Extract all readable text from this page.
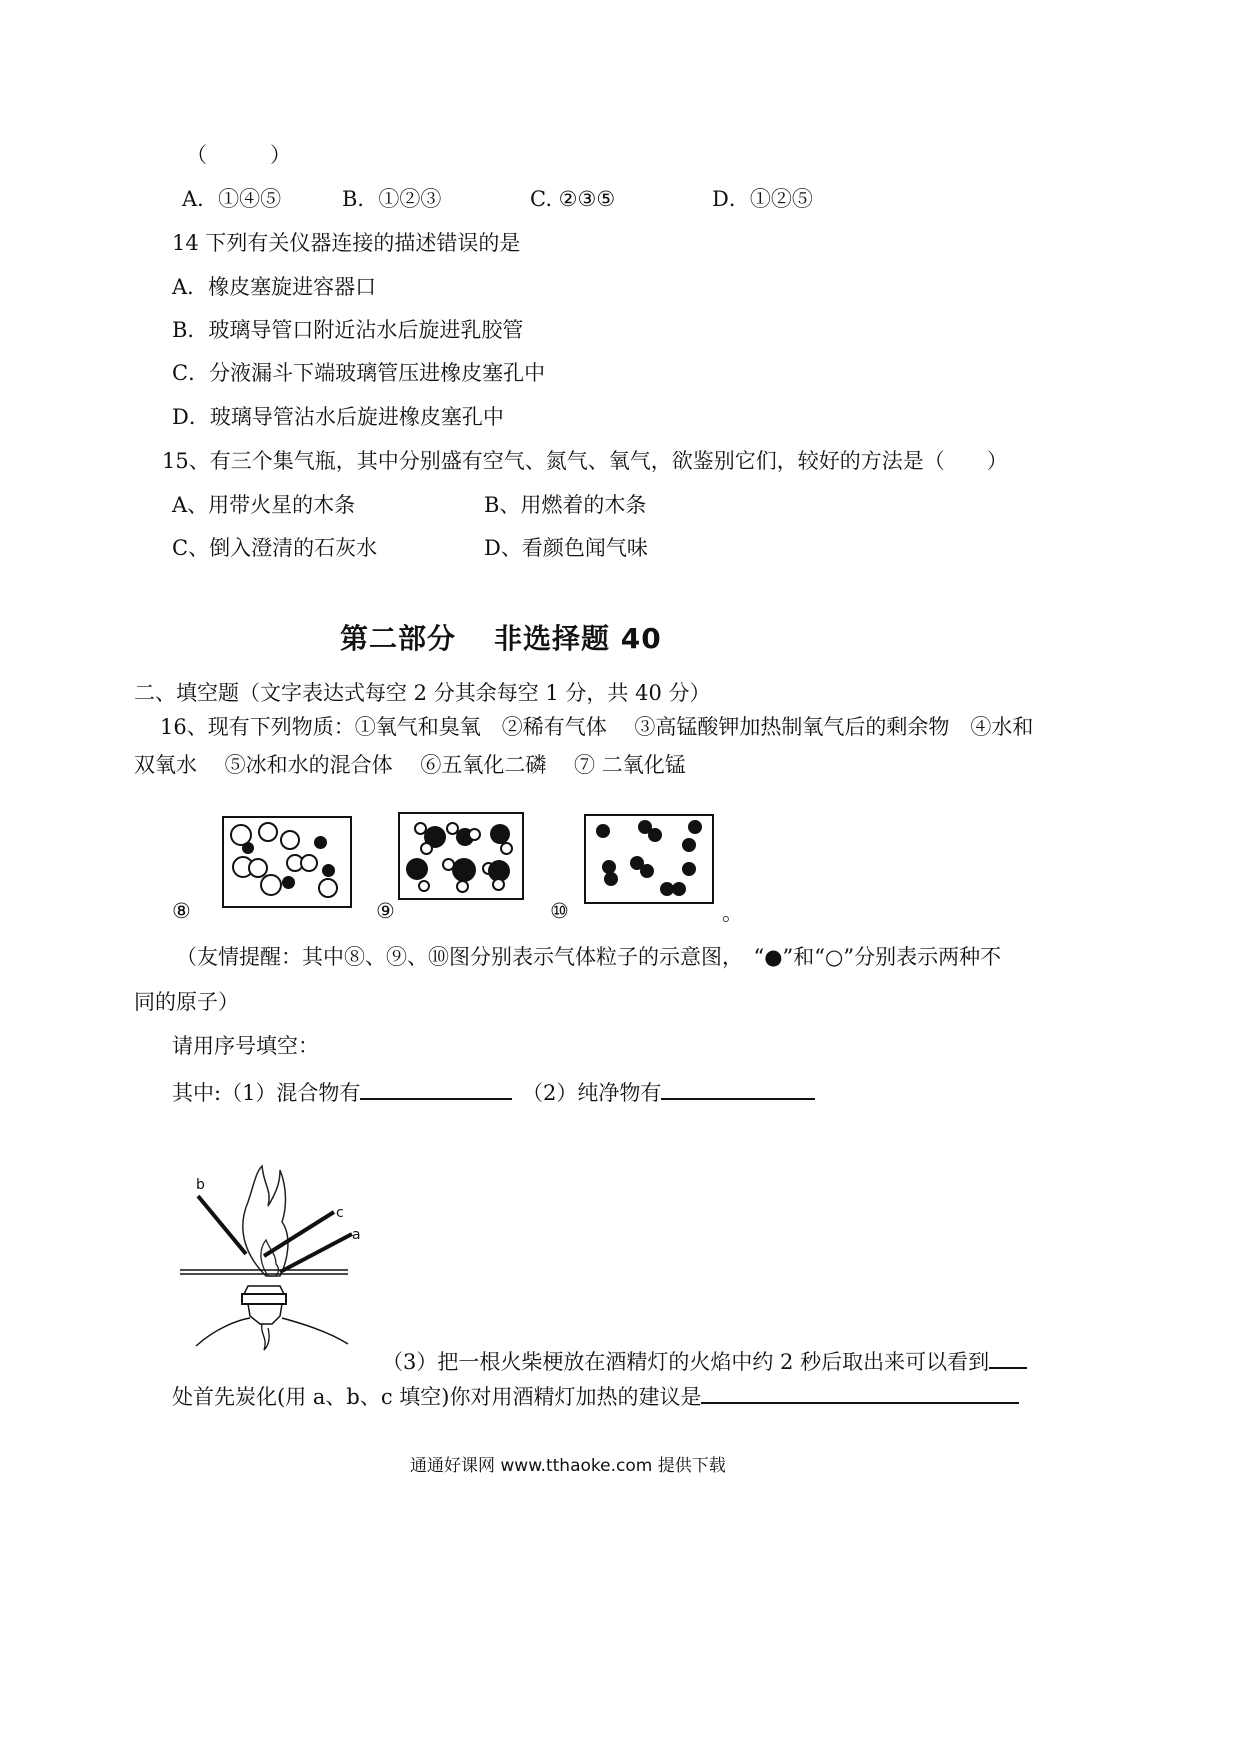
（　　　）
A．①④⑤	B．①②③	C. ②③⑤	D．①②⑤
14 下列有关仪器连接的描述错误的是
A．橡皮塞旋进容器口
B．玻璃导管口附近沾水后旋进乳胶管
C．分液漏斗下端玻璃管压进橡皮塞孔中
D．玻璃导管沾水后旋进橡皮塞孔中
15、有三个集气瓶，其中分别盛有空气、氮气、氧气，欲鉴别它们，较好的方法是（　　）
A、用带火星的木条	B、用燃着的木条
C、倒入澄清的石灰水	D、看颜色闻气味
第二部分 非选择题 40
二、填空题（文字表达式每空 2 分其余每空 1 分，共 40 分）
16、现有下列物质：①氧气和臭氧　②稀有气体　 ③高锰酸钾加热制氧气后的剩余物　④水和
双氧水　 ⑤冰和水的混合体　 ⑥五氧化二磷　 ⑦ 二氧化锰
⑧	⑨	⑩	。
（友情提醒：其中⑧、⑨、⑩图分别表示气体粒子的示意图，　“●”和“○”分别表示两种不
同的原子）
请用序号填空：
其中:（1）混合物有	（2）纯净物有
b
c
a
（3）把一根火柴梗放在酒精灯的火焰中约 2 秒后取出来可以看到
处首先炭化(用 a、b、c 填空)你对用酒精灯加热的建议是
通通好课网 www.tthaoke.com 提供下载
